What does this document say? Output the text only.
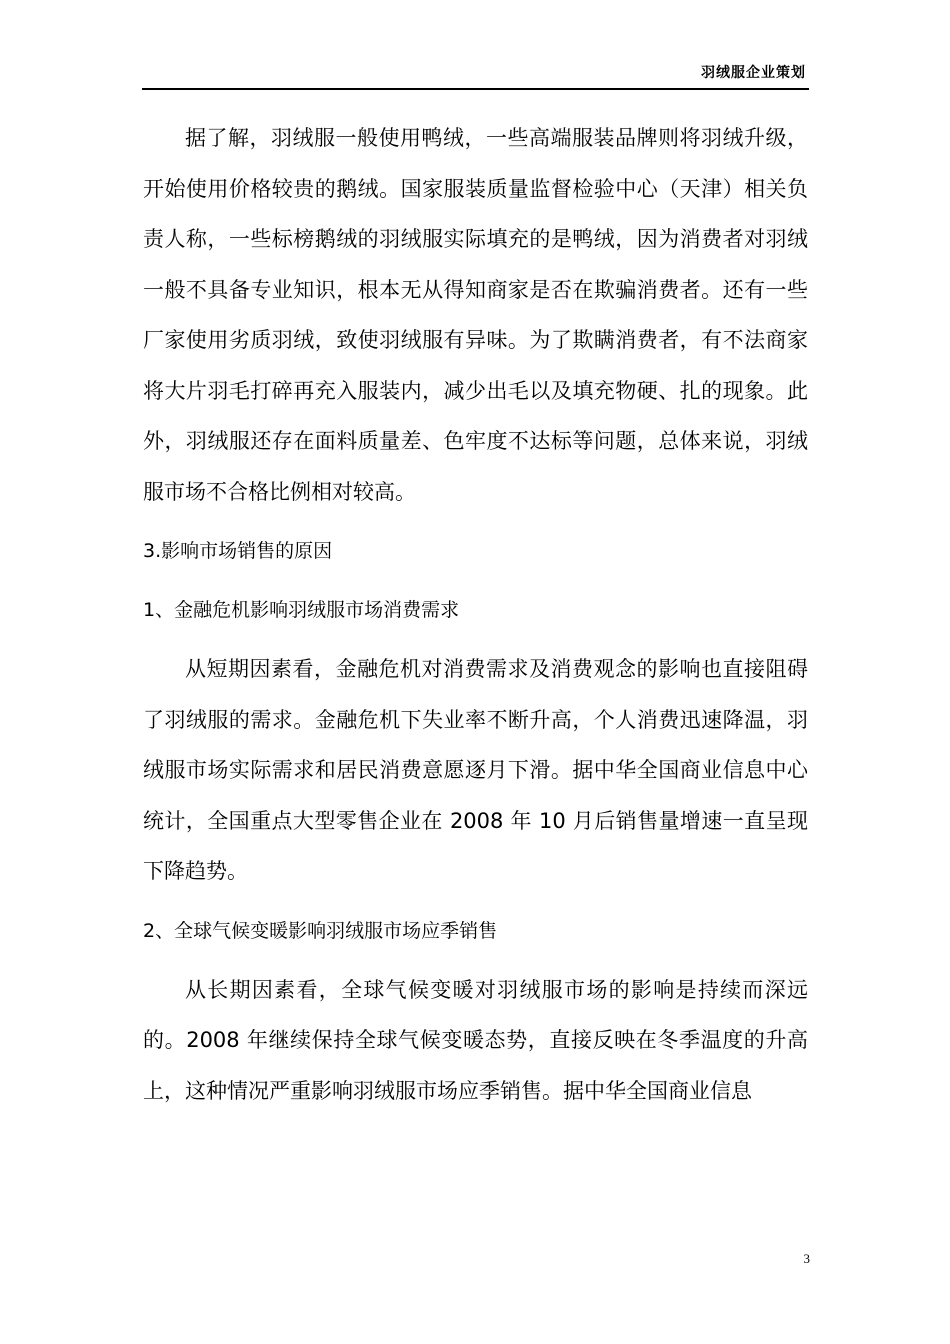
羽绒服企业策划

据了解，羽绒服一般使用鸭绒，一些高端服装品牌则将羽绒升级，开始使用价格较贵的鹅绒。国家服装质量监督检验中心（天津）相关负责人称，一些标榜鹅绒的羽绒服实际填充的是鸭绒，因为消费者对羽绒一般不具备专业知识，根本无从得知商家是否在欺骗消费者。还有一些厂家使用劣质羽绒，致使羽绒服有异味。为了欺瞒消费者，有不法商家将大片羽毛打碎再充入服装内，减少出毛以及填充物硬、扎的现象。此外，羽绒服还存在面料质量差、色牢度不达标等问题，总体来说，羽绒服市场不合格比例相对较高。

3.影响市场销售的原因

1、金融危机影响羽绒服市场消费需求

从短期因素看，金融危机对消费需求及消费观念的影响也直接阻碍了羽绒服的需求。金融危机下失业率不断升高，个人消费迅速降温，羽绒服市场实际需求和居民消费意愿逐月下滑。据中华全国商业信息中心统计，全国重点大型零售企业在 2008 年 10 月后销售量增速一直呈现下降趋势。

2、全球气候变暖影响羽绒服市场应季销售

从长期因素看，全球气候变暖对羽绒服市场的影响是持续而深远的。2008 年继续保持全球气候变暖态势，直接反映在冬季温度的升高上，这种情况严重影响羽绒服市场应季销售。据中华全国商业信息

3
